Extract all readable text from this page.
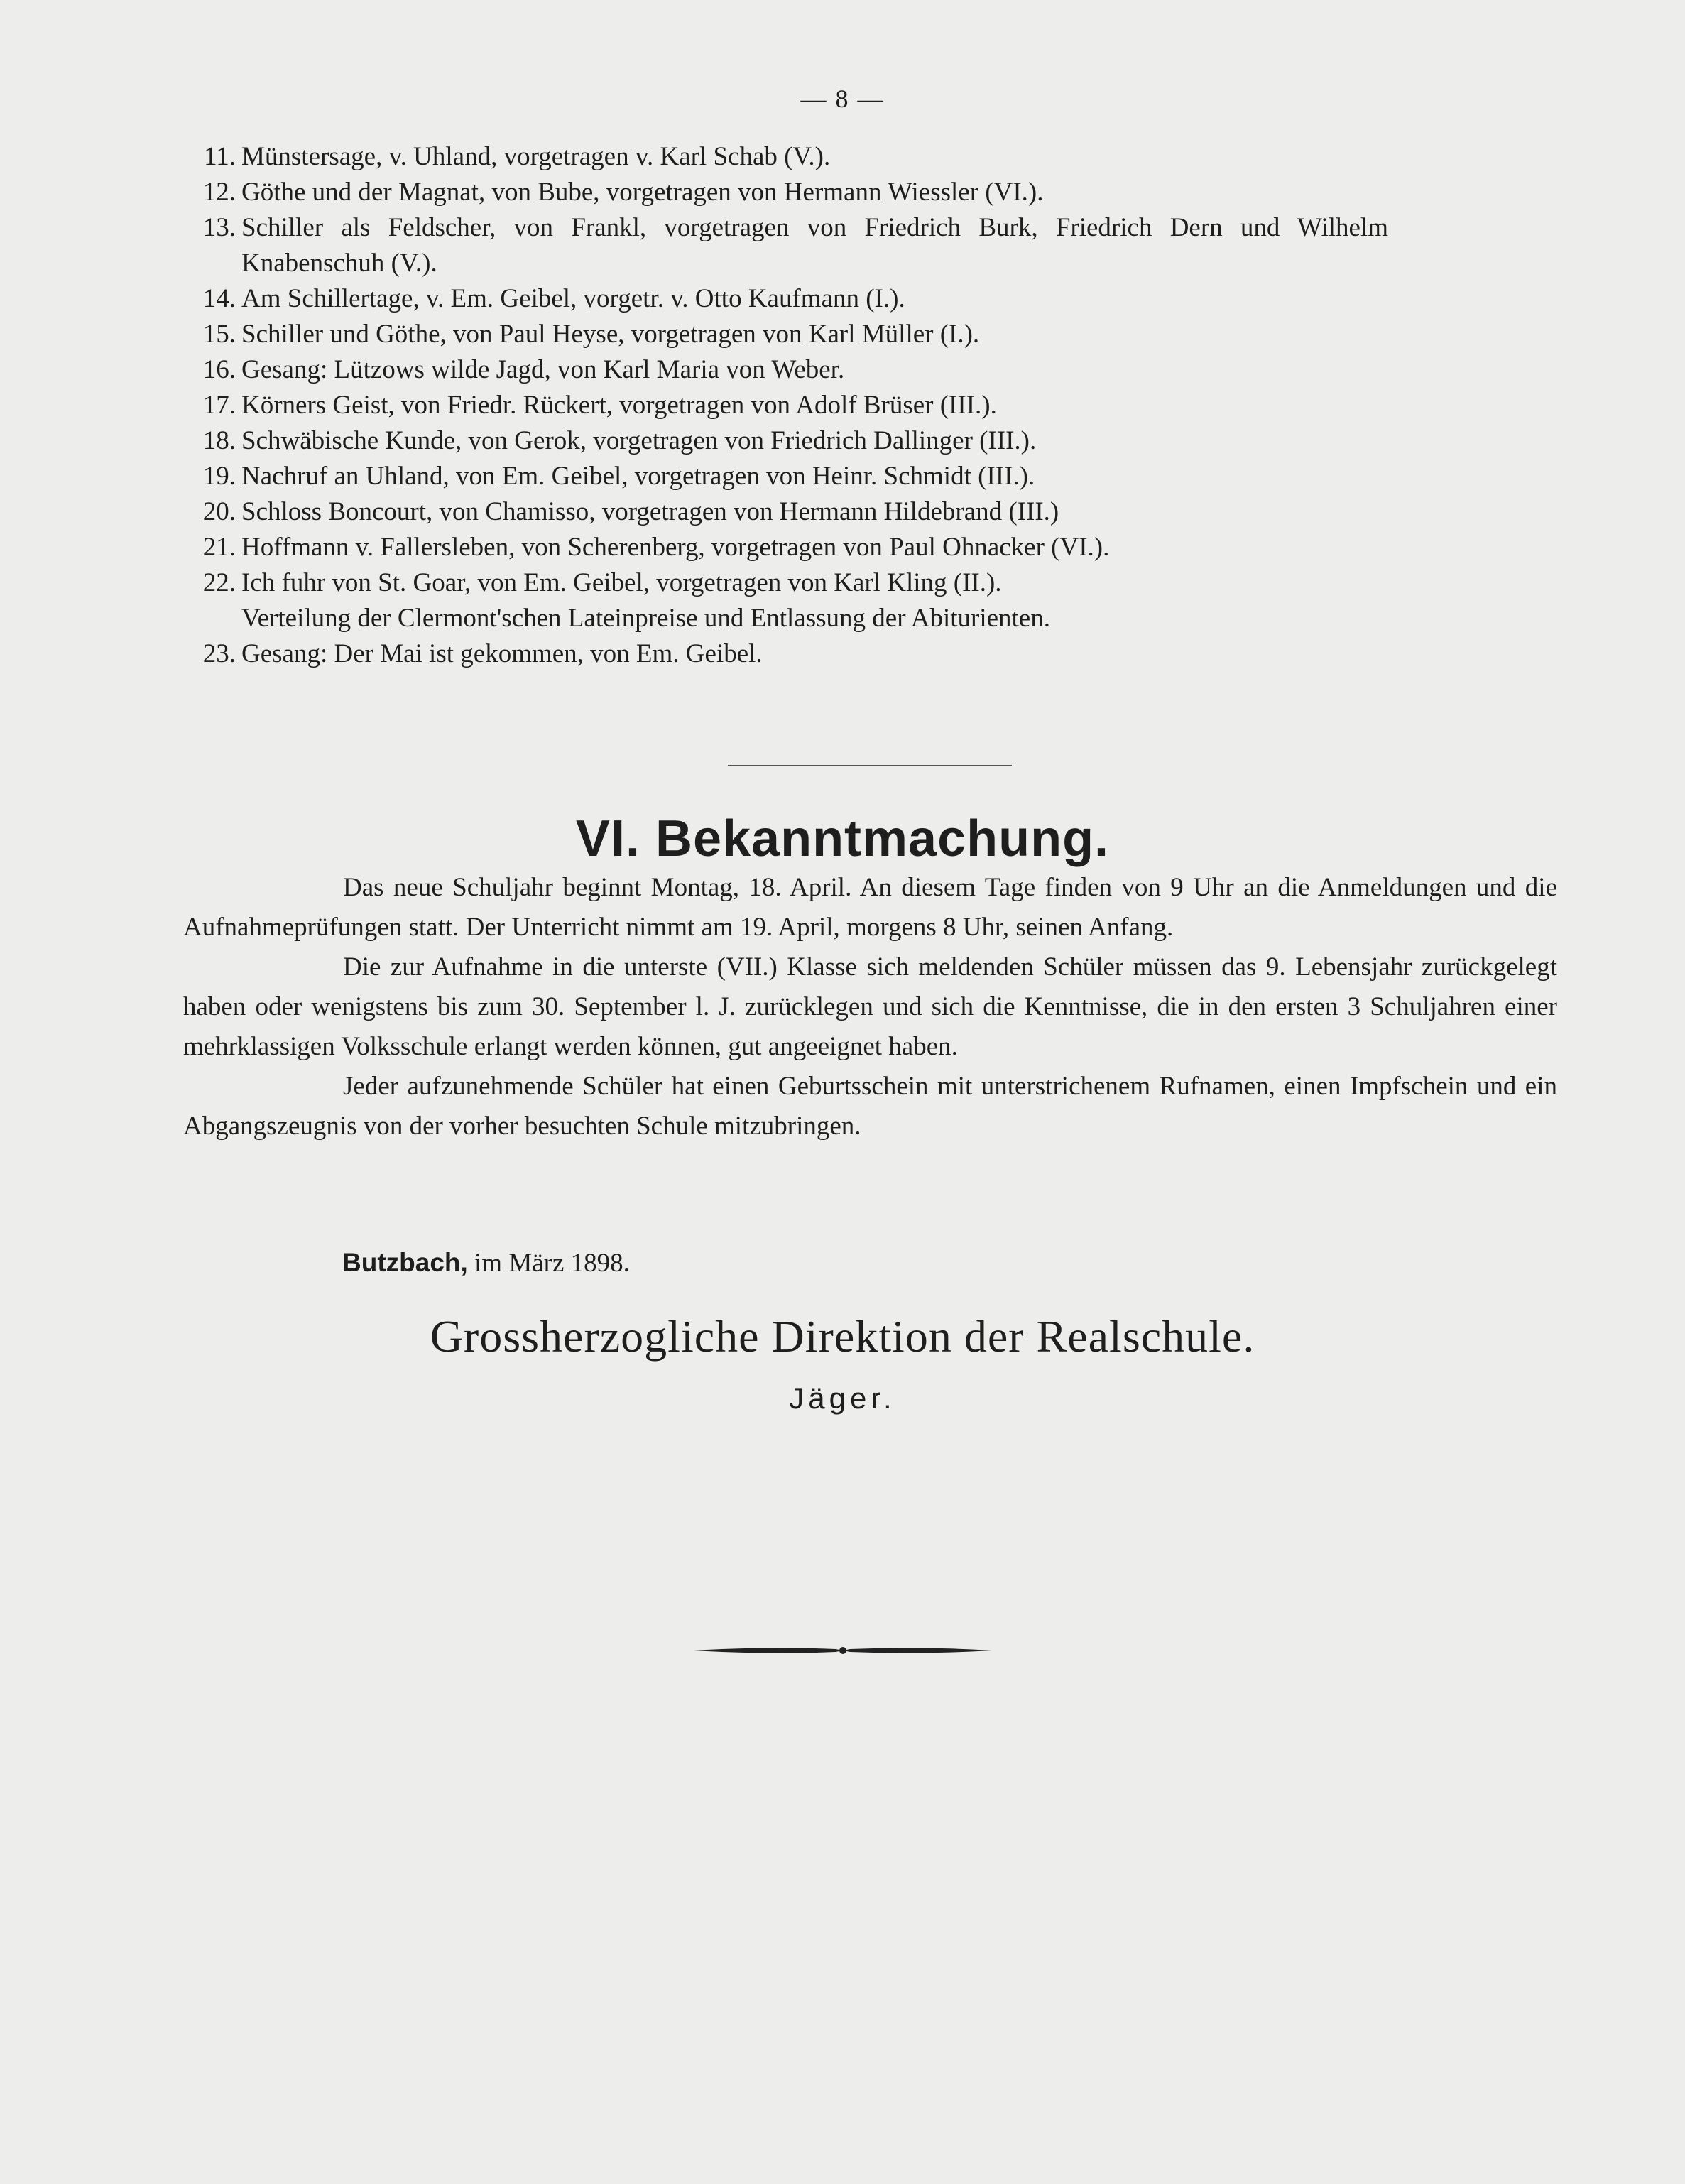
— 8 —
11. Münstersage, v. Uhland, vorgetragen v. Karl Schab (V.).
12. Göthe und der Magnat, von Bube, vorgetragen von Hermann Wiessler (VI.).
13. Schiller als Feldscher, von Frankl, vorgetragen von Friedrich Burk, Friedrich Dern und Wilhelm Knabenschuh (V.).
14. Am Schillertage, v. Em. Geibel, vorgetr. v. Otto Kaufmann (I.).
15. Schiller und Göthe, von Paul Heyse, vorgetragen von Karl Müller (I.).
16. Gesang: Lützows wilde Jagd, von Karl Maria von Weber.
17. Körners Geist, von Friedr. Rückert, vorgetragen von Adolf Brüser (III.).
18. Schwäbische Kunde, von Gerok, vorgetragen von Friedrich Dallinger (III.).
19. Nachruf an Uhland, von Em. Geibel, vorgetragen von Heinr. Schmidt (III.).
20. Schloss Boncourt, von Chamisso, vorgetragen von Hermann Hildebrand (III.)
21. Hoffmann v. Fallersleben, von Scherenberg, vorgetragen von Paul Ohnacker (VI.).
22. Ich fuhr von St. Goar, von Em. Geibel, vorgetragen von Karl Kling (II.).
Verteilung der Clermont'schen Lateinpreise und Entlassung der Abiturienten.
23. Gesang: Der Mai ist gekommen, von Em. Geibel.
VI. Bekanntmachung.

Das neue Schuljahr beginnt Montag, 18. April. An diesem Tage finden von 9 Uhr an die Anmeldungen und die Aufnahmeprüfungen statt. Der Unterricht nimmt am 19. April, morgens 8 Uhr, seinen Anfang.

Die zur Aufnahme in die unterste (VII.) Klasse sich meldenden Schüler müssen das 9. Lebensjahr zurückgelegt haben oder wenigstens bis zum 30. September l. J. zurücklegen und sich die Kenntnisse, die in den ersten 3 Schuljahren einer mehrklassigen Volksschule erlangt werden können, gut angeeignet haben.

Jeder aufzunehmende Schüler hat einen Geburtsschein mit unterstrichenem Rufnamen, einen Impfschein und ein Abgangszeugnis von der vorher besuchten Schule mitzubringen.

Butzbach, im März 1898.
Grossherzogliche Direktion der Realschule.
Jäger.
